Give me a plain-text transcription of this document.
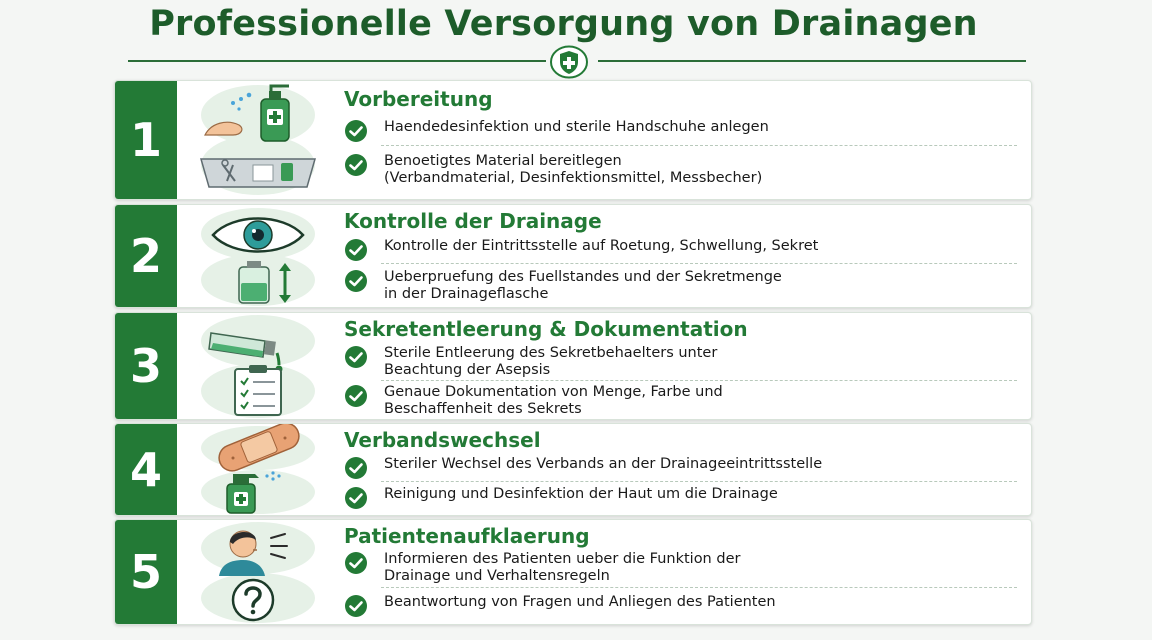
Professionelle Versorgung von Drainagen
1
Vorbereitung
Haendedesinfektion und sterile Handschuhe anlegen
Benoetigtes Material bereitlegen
(Verbandmaterial, Desinfektionsmittel, Messbecher)
2
Kontrolle der Drainage
Kontrolle der Eintrittsstelle auf Roetung, Schwellung, Sekret
Ueberpruefung des Fuellstandes und der Sekretmenge
in der Drainageflasche
3
Sekretentleerung & Dokumentation
Sterile Entleerung des Sekretbehaelters unter
Beachtung der Asepsis
Genaue Dokumentation von Menge, Farbe und
Beschaffenheit des Sekrets
4
Verbandswechsel
Steriler Wechsel des Verbands an der Drainageeintrittsstelle
Reinigung und Desinfektion der Haut um die Drainage
5
Patientenaufklaerung
Informieren des Patienten ueber die Funktion der
Drainage und Verhaltensregeln
Beantwortung von Fragen und Anliegen des Patienten
